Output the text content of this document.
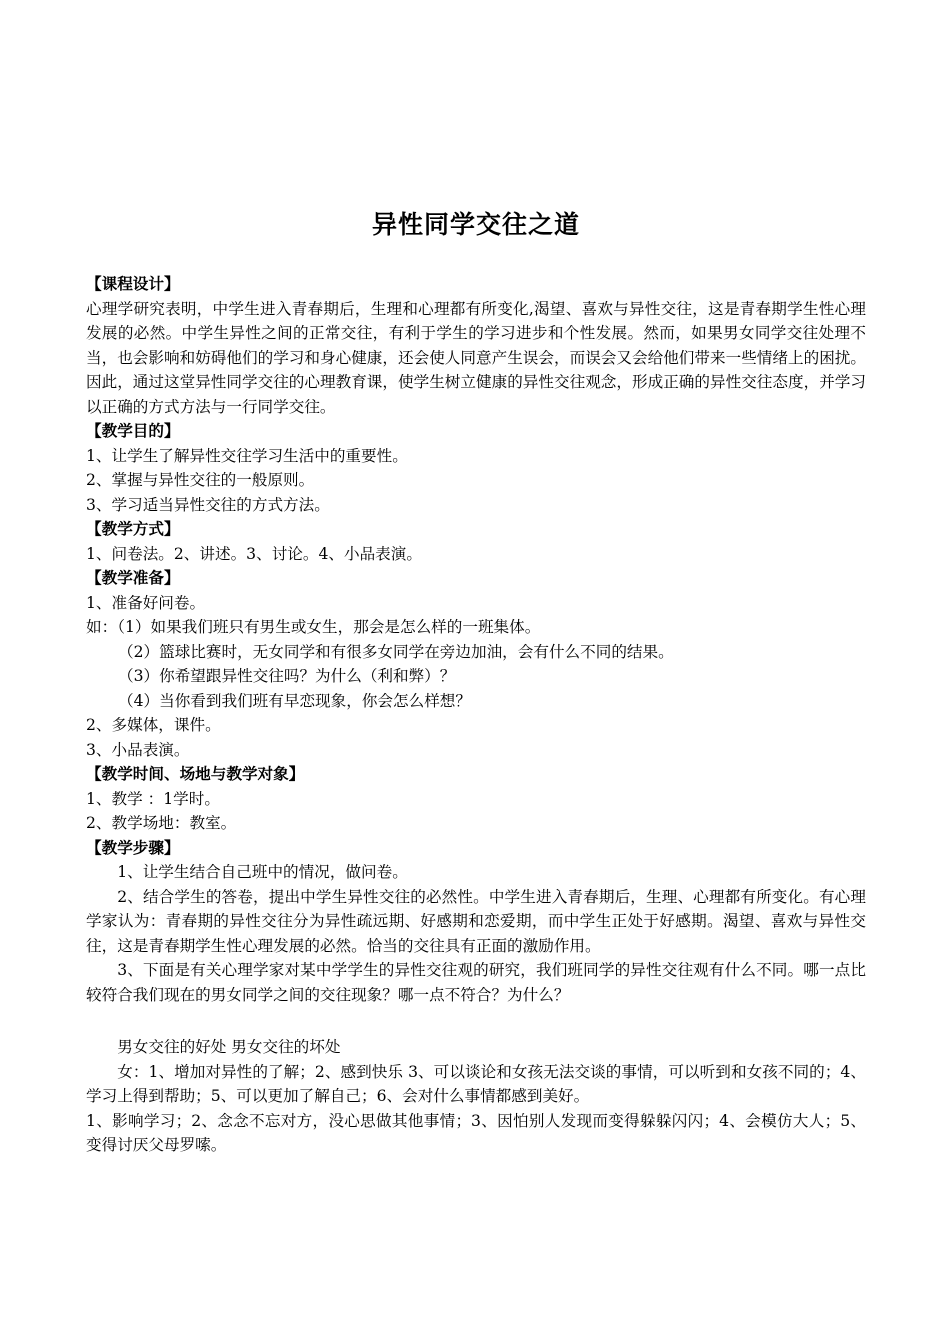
异性同学交往之道

【课程设计】

心理学研究表明，中学生进入青春期后，生理和心理都有所变化,渴望、喜欢与异性交往，这是青春期学生性心理发展的必然。中学生异性之间的正常交往，有利于学生的学习进步和个性发展。然而，如果男女同学交往处理不当，也会影响和妨碍他们的学习和身心健康，还会使人同意产生误会，而误会又会给他们带来一些情绪上的困扰。因此，通过这堂异性同学交往的心理教育课，使学生树立健康的异性交往观念，形成正确的异性交往态度，并学习以正确的方式方法与一行同学交往。

【教学目的】

1、让学生了解异性交往学习生活中的重要性。

2、掌握与异性交往的一般原则。

3、学习适当异性交往的方式方法。

【教学方式】

1、问卷法。2、讲述。3、讨论。4、小品表演。

【教学准备】

1、准备好问卷。

如：（1）如果我们班只有男生或女生，那会是怎么样的一班集体。

（2）篮球比赛时，无女同学和有很多女同学在旁边加油，会有什么不同的结果。

（3）你希望跟异性交往吗？为什么（利和弊）？

（4）当你看到我们班有早恋现象，你会怎么样想？

2、多媒体，课件。

3、小品表演。

【教学时间、场地与教学对象】

1、教学 ：1学时。

2、教学场地：教室。

【教学步骤】

1、让学生结合自己班中的情况，做问卷。

2、结合学生的答卷，提出中学生异性交往的必然性。中学生进入青春期后，生理、心理都有所变化。有心理学家认为：青春期的异性交往分为异性疏远期、好感期和恋爱期，而中学生正处于好感期。渴望、喜欢与异性交往，这是青春期学生性心理发展的必然。恰当的交往具有正面的激励作用。

3、下面是有关心理学家对某中学学生的异性交往观的研究，我们班同学的异性交往观有什么不同。哪一点比较符合我们现在的男女同学之间的交往现象？哪一点不符合？为什么？

男女交往的好处 男女交往的坏处

女：1、增加对异性的了解；2、感到快乐 3、可以谈论和女孩无法交谈的事情，可以听到和女孩不同的；4、学习上得到帮助；5、可以更加了解自己；6、会对什么事情都感到美好。

1、影响学习；2、念念不忘对方，没心思做其他事情；3、因怕别人发现而变得躲躲闪闪；4、会模仿大人；5、变得讨厌父母罗嗦。
